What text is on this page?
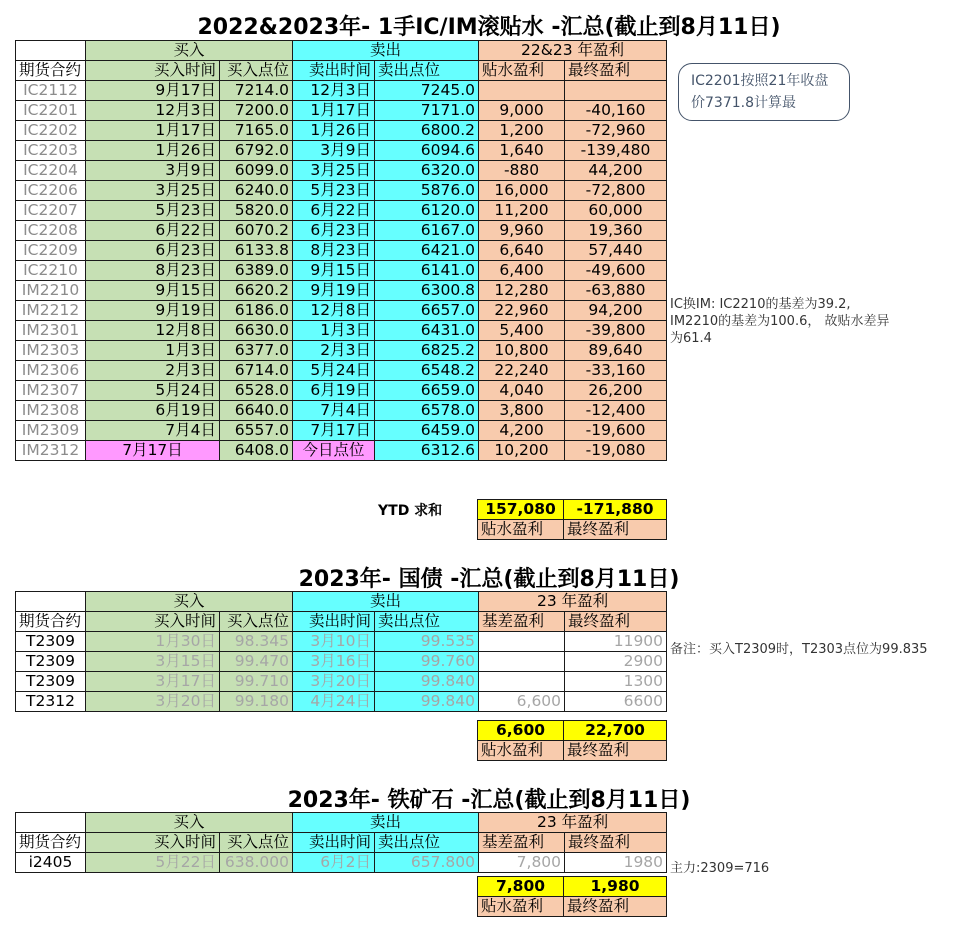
2022&2023年- 1手IC/IM滚贴水 -汇总(截止到8月11日)
	买入		卖出		22&23 年盈利	
期货合约	买入时间	买入点位	卖出时间	卖出点位	贴水盈利	最终盈利
IC2112	9月17日	7214.0	12月3日	7245.0		
IC2201	12月3日	7200.0	1月17日	7171.0	9,000	-40,160
IC2202	1月17日	7165.0	1月26日	6800.2	1,200	-72,960
IC2203	1月26日	6792.0	3月9日	6094.6	1,640	-139,480
IC2204	3月9日	6099.0	3月25日	6320.0	-880	44,200
IC2206	3月25日	6240.0	5月23日	5876.0	16,000	-72,800
IC2207	5月23日	5820.0	6月22日	6120.0	11,200	60,000
IC2208	6月22日	6070.2	6月23日	6167.0	9,960	19,360
IC2209	6月23日	6133.8	8月23日	6421.0	6,640	57,440
IC2210	8月23日	6389.0	9月15日	6141.0	6,400	-49,600
IM2210	9月15日	6620.2	9月19日	6300.8	12,280	-63,880
IM2212	9月19日	6186.0	12月8日	6657.0	22,960	94,200
IM2301	12月8日	6630.0	1月3日	6431.0	5,400	-39,800
IM2303	1月3日	6377.0	2月3日	6825.2	10,800	89,640
IM2306	2月3日	6714.0	5月24日	6548.2	22,240	-33,160
IM2307	5月24日	6528.0	6月19日	6659.0	4,040	26,200
IM2308	6月19日	6640.0	7月4日	6578.0	3,800	-12,400
IM2309	7月4日	6557.0	7月17日	6459.0	4,200	-19,600
IM2312	7月17日	6408.0	今日点位	6312.6	10,200	-19,080
YTD 求和	157,080	-171,880
贴水盈利	最终盈利
IC2201按照21年收盘价7371.8计算最
IC换IM: IC2210的基差为39.2,
IM2210的基差为100.6， 故贴水差异
为61.4
2023年- 国债 -汇总(截止到8月11日)
	买入		卖出		23 年盈利	
期货合约	买入时间	买入点位	卖出时间	卖出点位	基差盈利	最终盈利
T2309	1月30日	98.345	3月10日	99.535		11900
T2309	3月15日	99.470	3月16日	99.760		2900
T2309	3月17日	99.710	3月20日	99.840		1300
T2312	3月20日	99.180	4月24日	99.840	6,600	6600
6,600	22,700
贴水盈利	最终盈利
备注：买入T2309时，T2303点位为99.835
2023年- 铁矿石 -汇总(截止到8月11日)
	买入		卖出		23 年盈利	
期货合约	买入时间	买入点位	卖出时间	卖出点位	基差盈利	最终盈利
i2405	5月22日	638.000	6月2日	657.800	7,800	1980
7,800	1,980
贴水盈利	最终盈利
主力:2309=716
